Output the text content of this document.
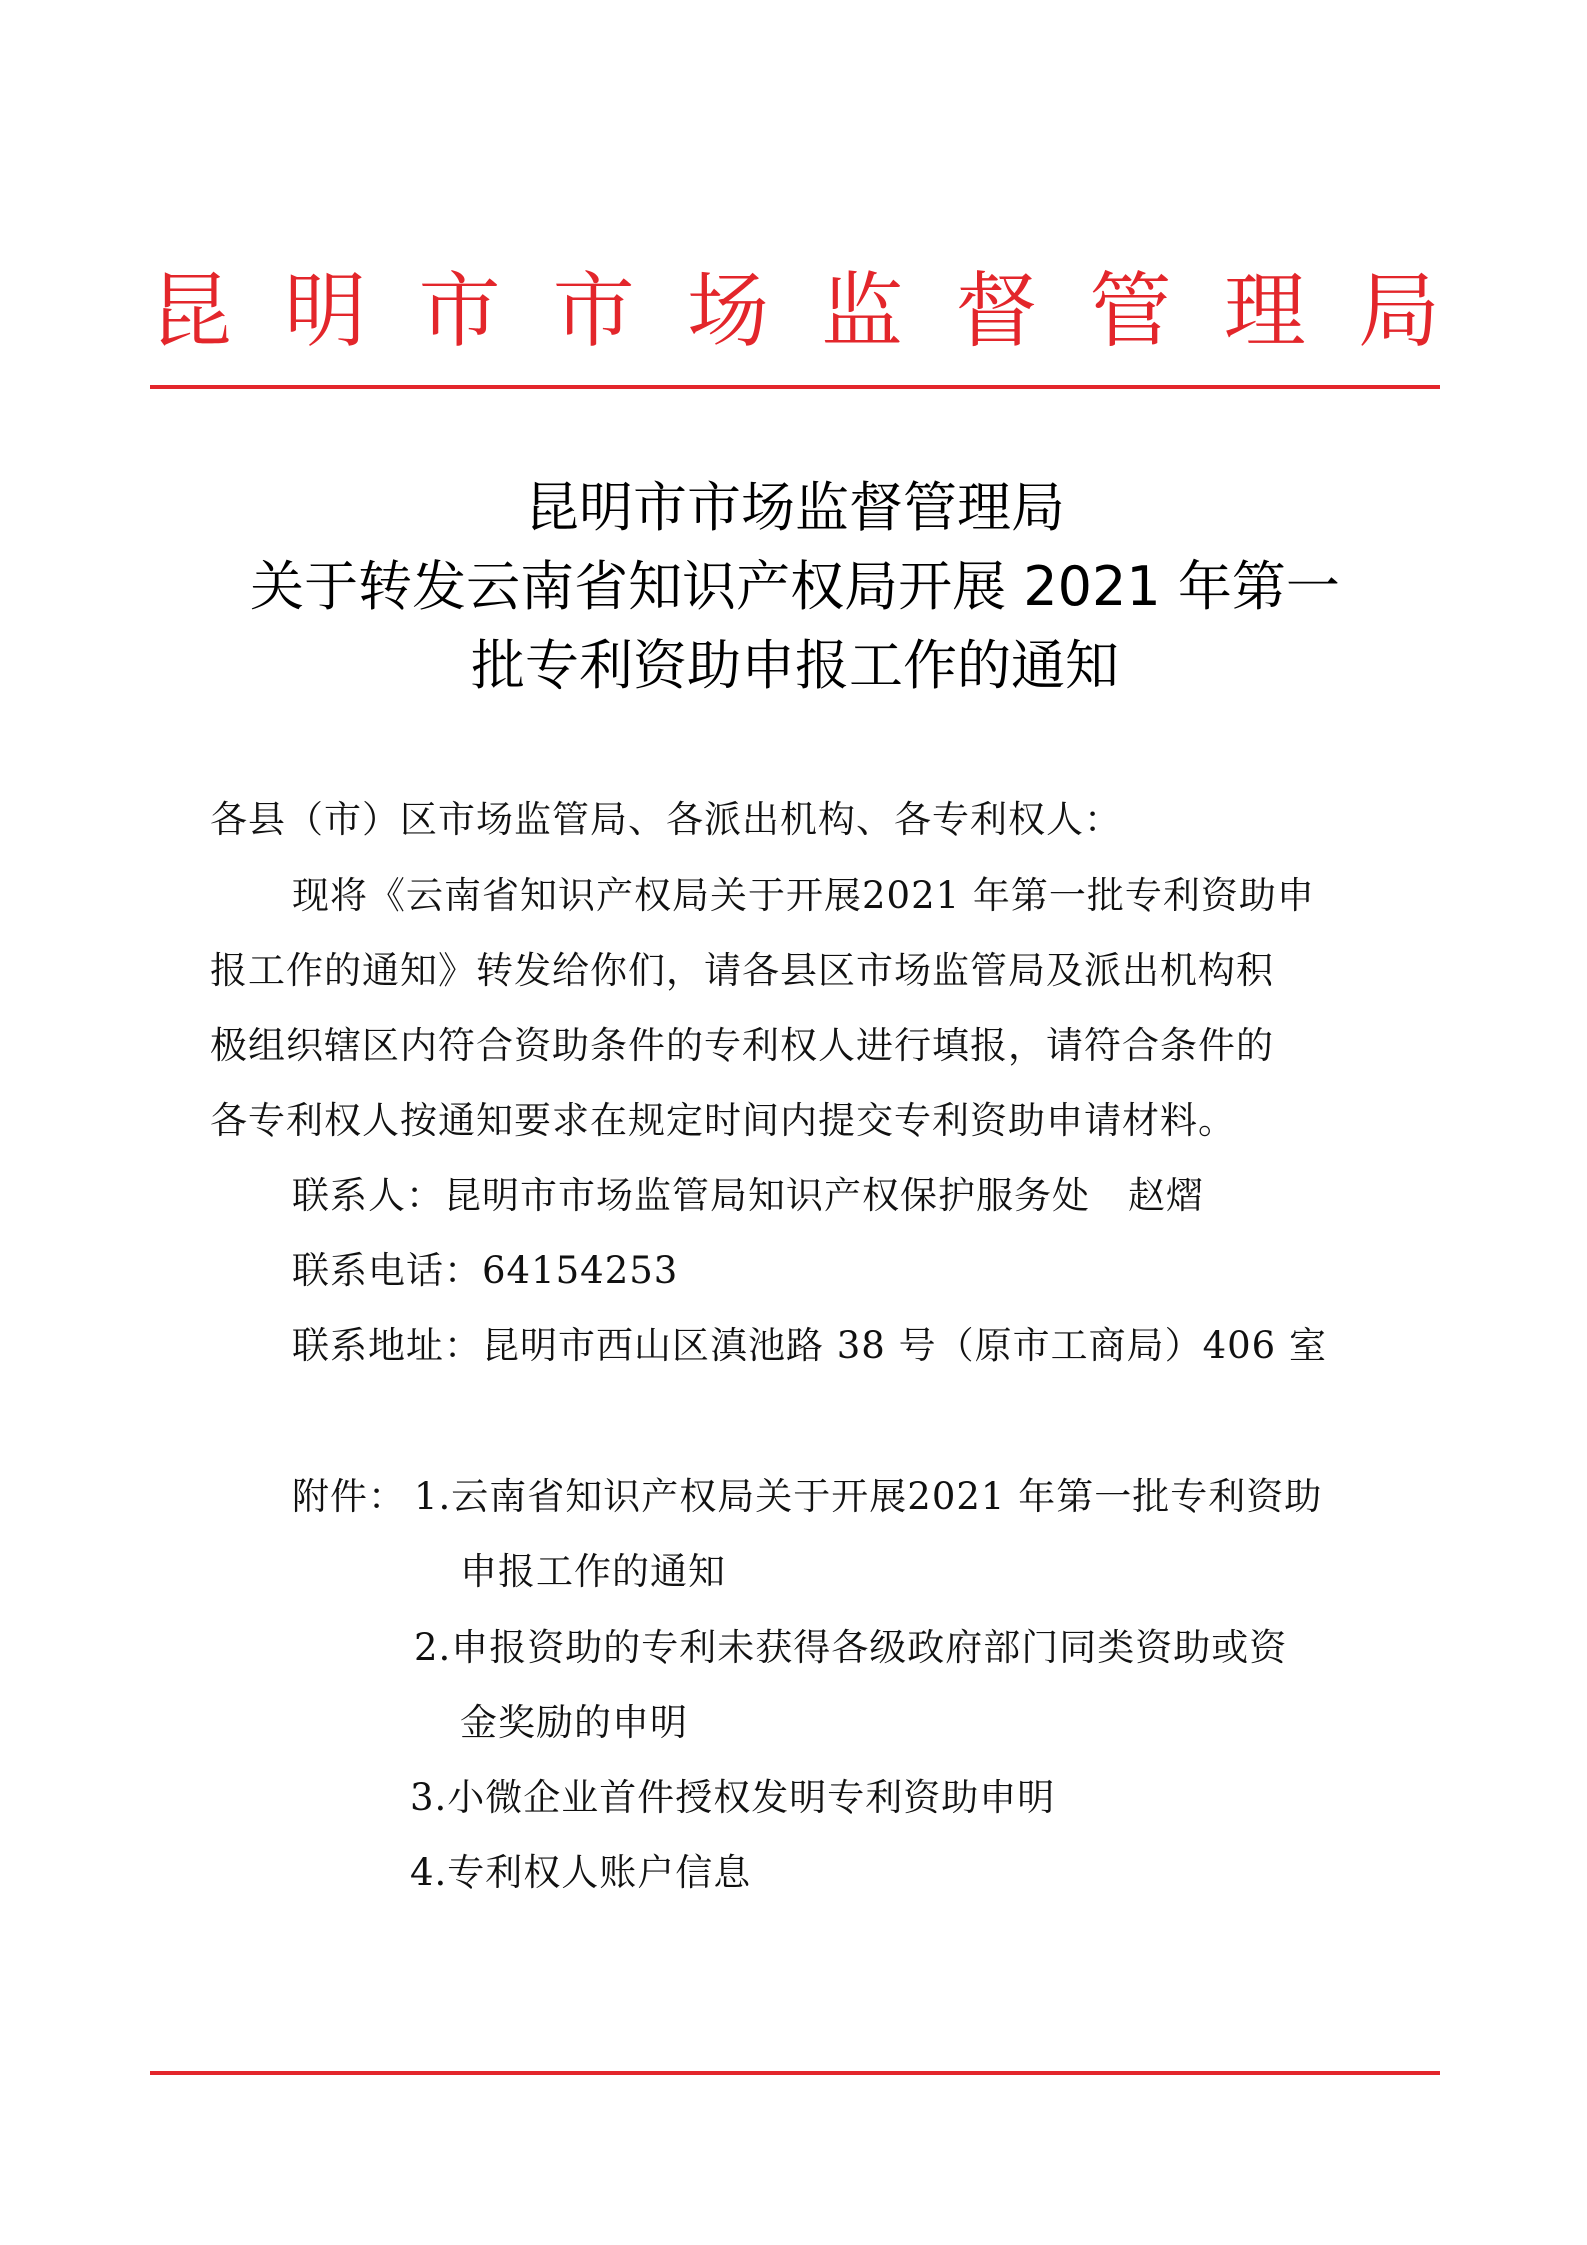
昆 明 市 市 场 监 督 管 理 局
昆明市市场监督管理局
关于转发云南省知识产权局开展 2021 年第一
批专利资助申报工作的通知

各县（市）区市场监管局、各派出机构、各专利权人：

现将《云南省知识产权局关于开展2021 年第一批专利资助申

报工作的通知》转发给你们，请各县区市场监管局及派出机构积

极组织辖区内符合资助条件的专利权人进行填报，请符合条件的

各专利权人按通知要求在规定时间内提交专利资助申请材料。

联系人：昆明市市场监管局知识产权保护服务处　赵熠

联系电话：64154253

联系地址：昆明市西山区滇池路 38 号（原市工商局）406 室

附件： 1.云南省知识产权局关于开展2021 年第一批专利资助

申报工作的通知

2.申报资助的专利未获得各级政府部门同类资助或资

金奖励的申明

3.小微企业首件授权发明专利资助申明

4.专利权人账户信息
